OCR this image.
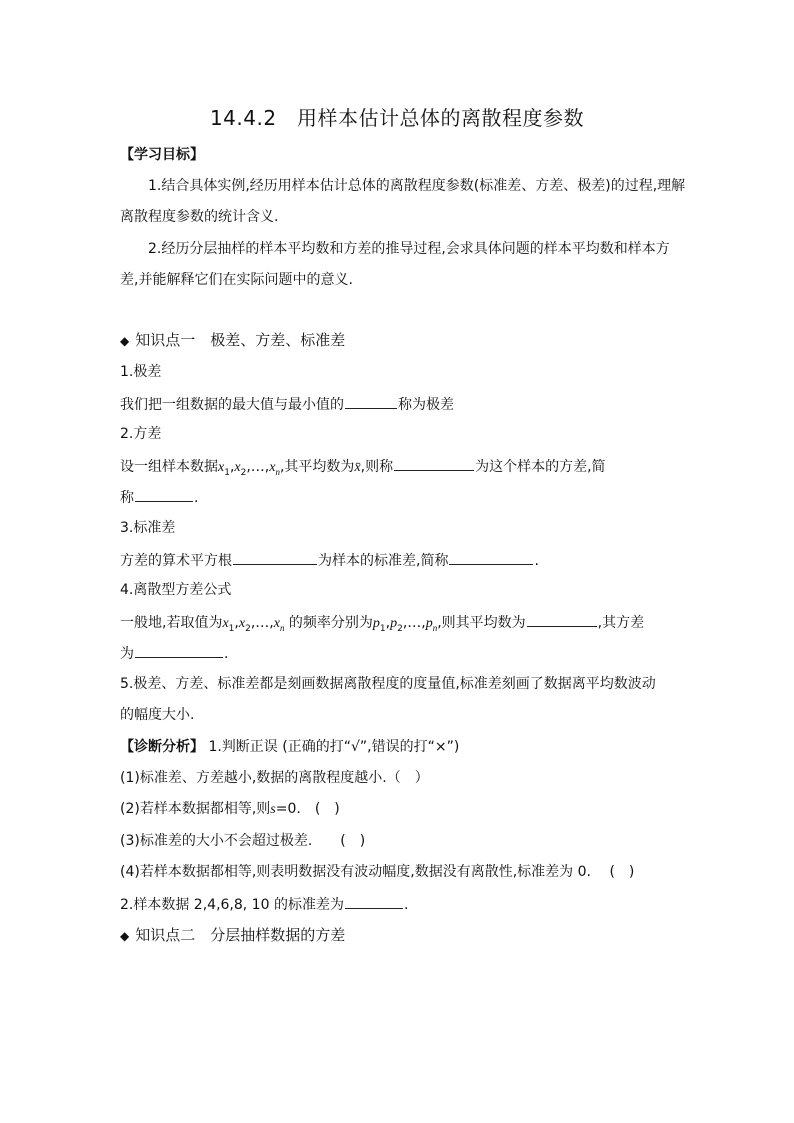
14.4.2　用样本估计总体的离散程度参数
【学习目标】
1.结合具体实例,经历用样本估计总体的离散程度参数(标准差、方差、极差)的过程,理解
离散程度参数的统计含义.
2.经历分层抽样的样本平均数和方差的推导过程,会求具体问题的样本平均数和样本方
差,并能解释它们在实际问题中的意义.
◆ 知识点一　极差、方差、标准差
1.极差
我们把一组数据的最大值与最小值的	称为极差
2.方差
设一组样本数据$x_1,x_2,\dots,x_n$,其平均数为x̄,则称	为这个样本的方差,简
称	.
3.标准差
方差的算术平方根	为样本的标准差,简称	.
4.离散型方差公式
一般地,若取值为$x_1,x_2,\dots,x_n$ 的频率分别为$p_1,p_2,\dots,p_n$,则其平均数为	,其方差
为	.
5.极差、方差、标准差都是刻画数据离散程度的度量值,标准差刻画了数据离平均数波动
的幅度大小.
【诊断分析】 1.判断正误 (正确的打“√”,错误的打“×”)
(1)标准差、方差越小,数据的离散程度越小.（　）
(2)若样本数据都相等,则s=0.　(　)
(3)标准差的大小不会超过极差.　　(　)
(4)若样本数据都相等,则表明数据没有波动幅度,数据没有离散性,标准差为 0.　 (　)
2.样本数据 2,4,6,8, 10 的标准差为	.
◆ 知识点二　分层抽样数据的方差
